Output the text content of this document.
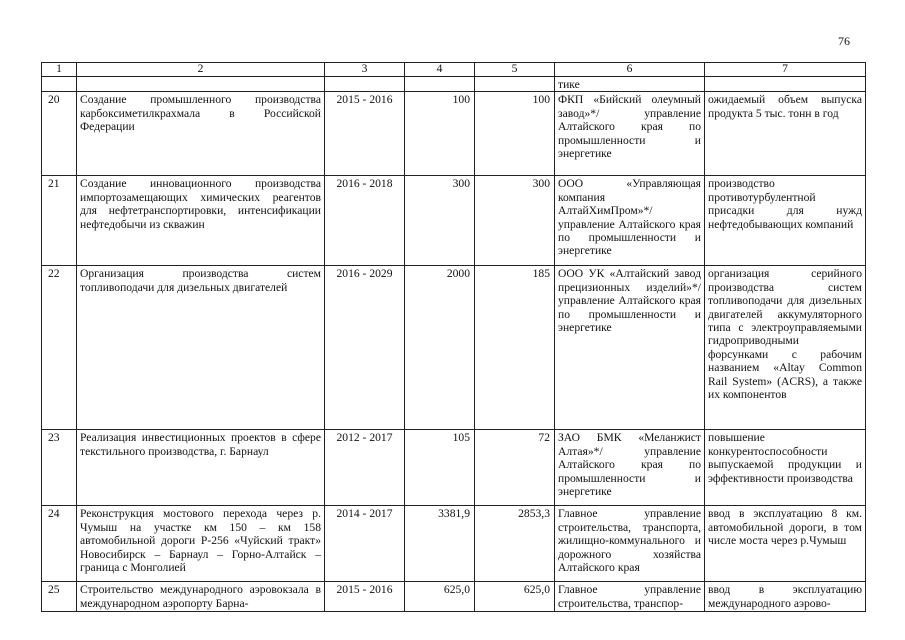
76
1	2	3	4	5	6	7
					тике	
20	Создание промышленного производства карбоксиметилкрахмала в Российской Федерации	2015 - 2016	100	100	ФКП «Бийский олеумный завод»*/ управление Алтайского края по промышленности и энергетике	ожидаемый объем выпуска продукта 5 тыс. тонн в год
21	Создание инновационного производства импортозамещающих химических реагентов для нефтетранспортировки, интенсификации нефтедобычи из скважин	2016 - 2018	300	300	ООО «Управляющая компания АлтайХимПром»*/ управление Алтайского края по промышленности и энергетике	производство противотурбулентной присадки для нужд нефтедобывающих компаний
22	Организация производства систем топливоподачи для дизельных двигателей	2016 - 2029	2000	185	ООО УК «Алтайский завод прецизионных изделий»*/ управление Алтайского края по промышленности и энергетике	организация серийного производства систем топливоподачи для дизельных двигателей аккумуляторного типа с электроуправляемыми гидроприводными форсунками с рабочим названием «Altay Common Rail System» (ACRS), а также их компонентов
23	Реализация инвестиционных проектов в сфере текстильного производства, г. Барнаул	2012 - 2017	105	72	ЗАО БМК «Меланжист Алтая»*/ управление Алтайского края по промышленности и энергетике	повышение конкурентоспособности выпускаемой продукции и эффективности производства
24	Реконструкция мостового перехода через р. Чумыш на участке км 150 – км 158 автомобильной дороги Р-256 «Чуйский тракт» Новосибирск – Барнаул – Горно-Алтайск – граница с Монголией	2014 - 2017	3381,9	2853,3	Главное управление строительства, транспорта, жилищно-коммунального и дорожного хозяйства Алтайского края	ввод в эксплуатацию 8 км. автомобильной дороги, в том числе моста через р.Чумыш
25	Строительство международного аэровокзала в международном аэропорту Барна-	2015 - 2016	625,0	625,0	Главное управление строительства, транспор-	ввод в эксплуатацию международного аэрово-
